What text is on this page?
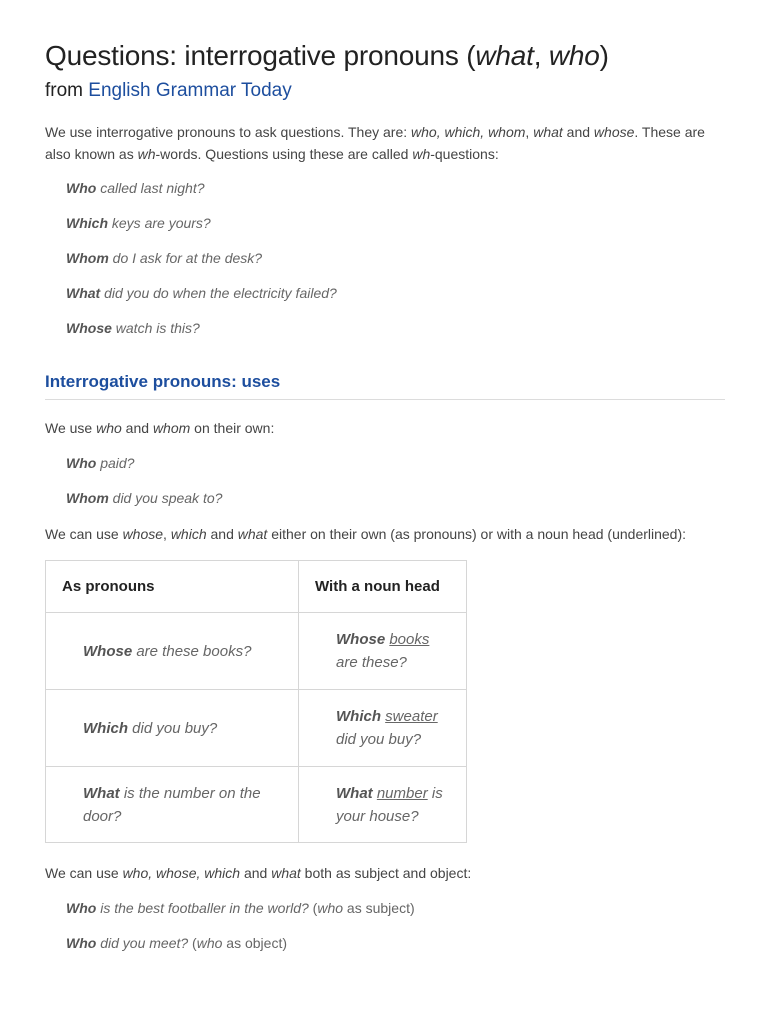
Questions: interrogative pronouns (what, who)
from English Grammar Today

We use interrogative pronouns to ask questions. They are: who, which, whom, what and whose. These are also known as wh-words. Questions using these are called wh-questions:

Who called last night?
Which keys are yours?
Whom do I ask for at the desk?
What did you do when the electricity failed?
Whose watch is this?
Interrogative pronouns: uses

We use who and whom on their own:

Who paid?
Whom did you speak to?

We can use whose, which and what either on their own (as pronouns) or with a noun head (underlined):

As pronouns	With a noun head
Whose are these books?	Whose books are these?
Which did you buy?	Which sweater did you buy?
What is the number on the door?	What number is your house?

We can use who, whose, which and what both as subject and object:

Who is the best footballer in the world? (who as subject)
Who did you meet? (who as object)
